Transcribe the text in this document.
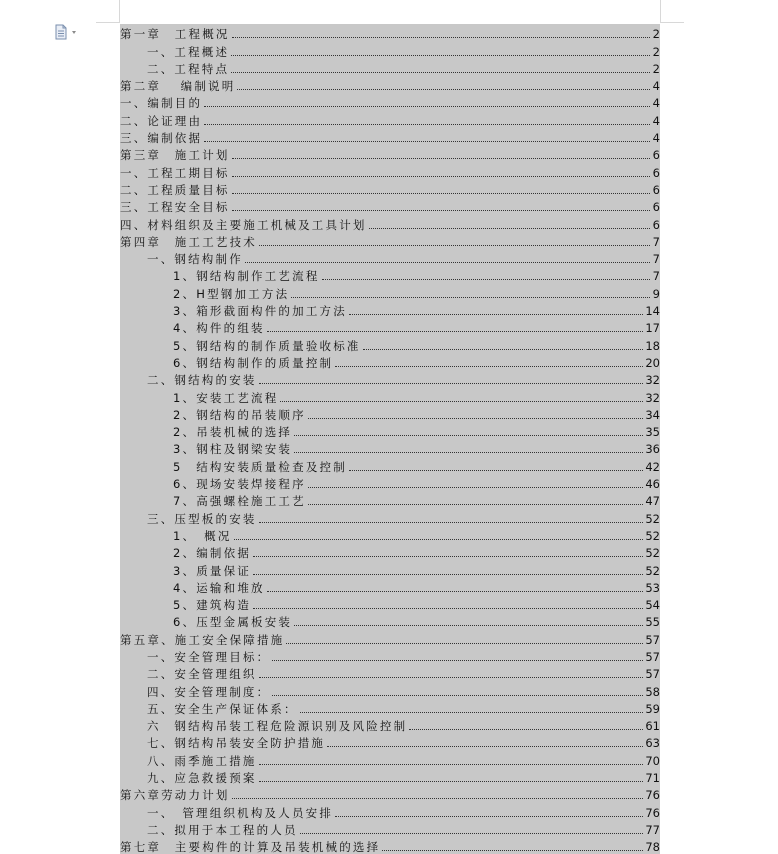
第一章　工程概况	2
一、工程概述	2
二、工程特点	2
第二章　 编制说明	4
一、编制目的	4
二、论证理由	4
三、编制依据	4
第三章　施工计划	6
一、工程工期目标	6
二、工程质量目标	6
三、工程安全目标	6
四、材料组织及主要施工机械及工具计划	6
第四章　施工工艺技术	7
一、钢结构制作	7
1、钢结构制作工艺流程	7
2、H型钢加工方法	9
3、箱形截面构件的加工方法	14
4、构件的组装	17
5、钢结构的制作质量验收标准	18
6、钢结构制作的质量控制	20
二、钢结构的安装	32
1、安装工艺流程	32
2、钢结构的吊装顺序	34
2、吊装机械的选择	35
3、钢柱及钢梁安装	36
5　结构安装质量检查及控制	42
6、现场安装焊接程序	46
7、高强螺栓施工工艺	47
三、压型板的安装	52
1、　概况	52
2、编制依据	52
3、质量保证	52
4、运输和堆放	53
5、建筑构造	54
6、压型金属板安装	55
第五章、施工安全保障措施	57
一、安全管理目标：	57
二、安全管理组织	57
四、安全管理制度：	58
五、安全生产保证体系：	59
六　钢结构吊装工程危险源识别及风险控制	61
七、钢结构吊装安全防护措施	63
八、雨季施工措施	70
九、应急救援预案	71
第六章劳动力计划	76
一、　管理组织机构及人员安排	76
二、拟用于本工程的人员	77
第七章　主要构件的计算及吊装机械的选择	78
